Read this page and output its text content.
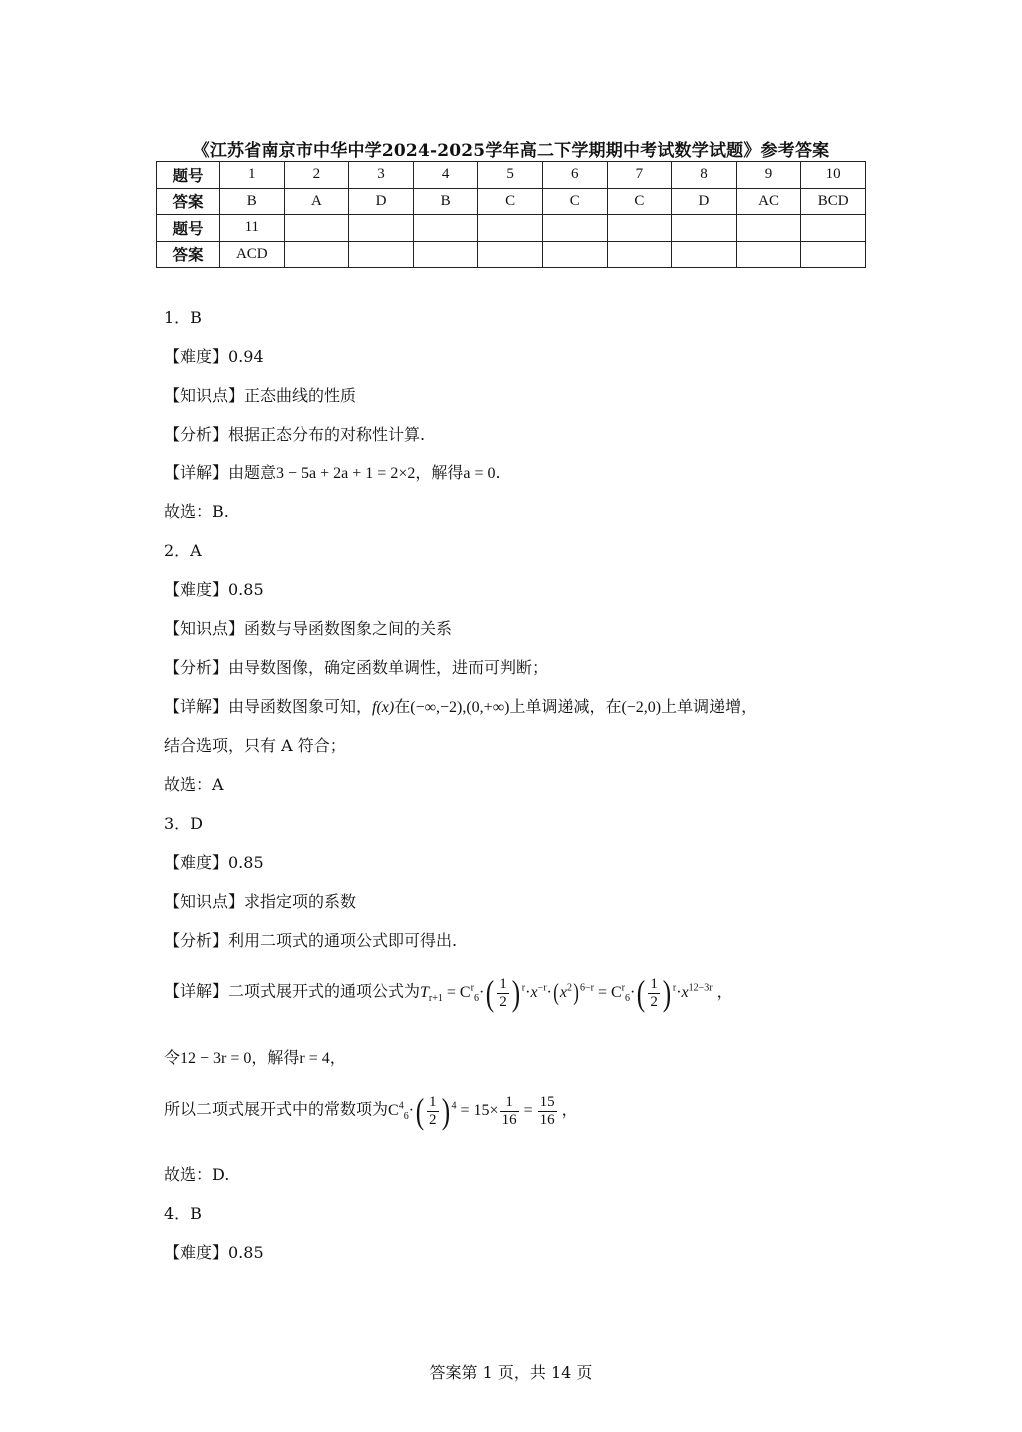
《江苏省南京市中华中学2024-2025学年高二下学期期中考试数学试题》参考答案
题号	1	2	3	4	5	6	7	8	9	10
答案	B	A	D	B	C	C	C	D	AC	BCD
题号	11									
答案	ACD									
1．B
【难度】0.94
【知识点】正态曲线的性质
【分析】根据正态分布的对称性计算.
【详解】由题意3 − 5a + 2a + 1 = 2×2，解得a = 0.
故选：B.
2．A
【难度】0.85
【知识点】函数与导函数图象之间的关系
【分析】由导数图像，确定函数单调性，进而可判断；
【详解】由导函数图象可知，f(x)在(−∞,−2),(0,+∞)上单调递减，在(−2,0)上单调递增，
结合选项，只有 A 符合；
故选：A
3．D
【难度】0.85
【知识点】求指定项的系数
【分析】利用二项式的通项公式即可得出.
【详解】二项式展开式的通项公式为$T_{r+1} = C^r_6\cdot( \frac{1}{2}$ ) $^r\cdot x^{-r}\cdot(x^2)^{6-r} = C^r_6\cdot( \frac{1}{2}$ ) $^r\cdot x^{12-3r}$ ，
令12 − 3r = 0，解得r = 4，
所以二项式展开式中的常数项为$C^4_6\cdot( \frac{1}{2}$ ) $^4 = 15\times \frac{1}{16} = \frac{15}{16}$ ，
故选：D.
4．B
【难度】0.85
答案第 1 页，共 14 页
